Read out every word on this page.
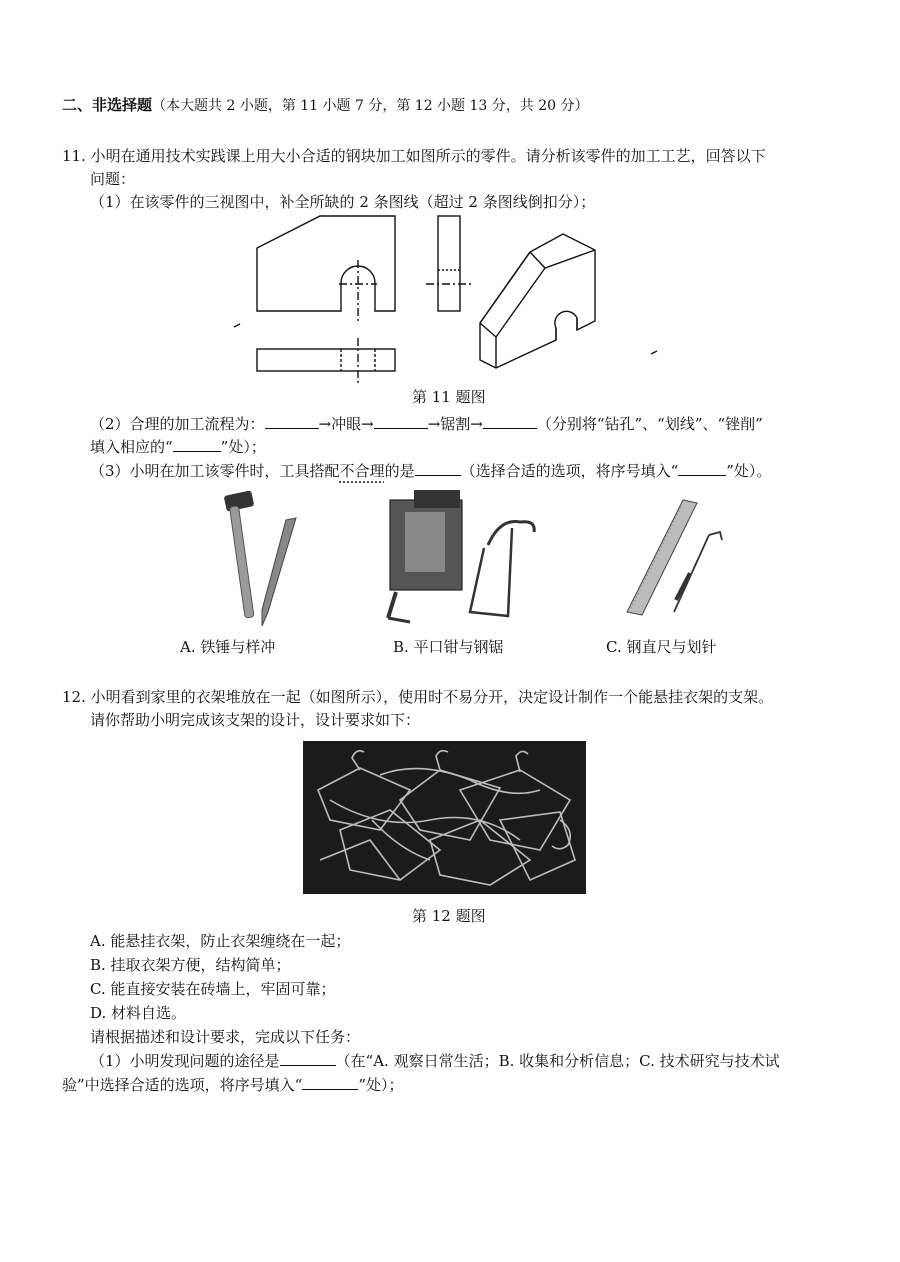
二、非选择题（本大题共 2 小题，第 11 小题 7 分，第 12 小题 13 分，共 20 分）
11. 小明在通用技术实践课上用大小合适的钢块加工如图所示的零件。请分析该零件的加工工艺，回答以下
问题：
（1）在该零件的三视图中，补全所缺的 2 条图线（超过 2 条图线倒扣分）；
第 11 题图
（2）合理的加工流程为：	→冲眼→	→锯割→	（分别将“钻孔”、“划线”、“锉削”
填入相应的“	”处）；
（3）小明在加工该零件时，工具搭配不合理的是	（选择合适的选项，将序号填入“	”处）。
A. 铁锤与样冲	B. 平口钳与钢锯	C. 钢直尺与划针
12. 小明看到家里的衣架堆放在一起（如图所示），使用时不易分开，决定设计制作一个能悬挂衣架的支架。
请你帮助小明完成该支架的设计，设计要求如下：
第 12 题图
A. 能悬挂衣架，防止衣架缠绕在一起；
B. 挂取衣架方便，结构简单；
C. 能直接安装在砖墙上，牢固可靠；
D. 材料自选。
请根据描述和设计要求，完成以下任务：
（1）小明发现问题的途径是	（在“A. 观察日常生活；B. 收集和分析信息；C. 技术研究与技术试
验”中选择合适的选项，将序号填入“	”处）；
